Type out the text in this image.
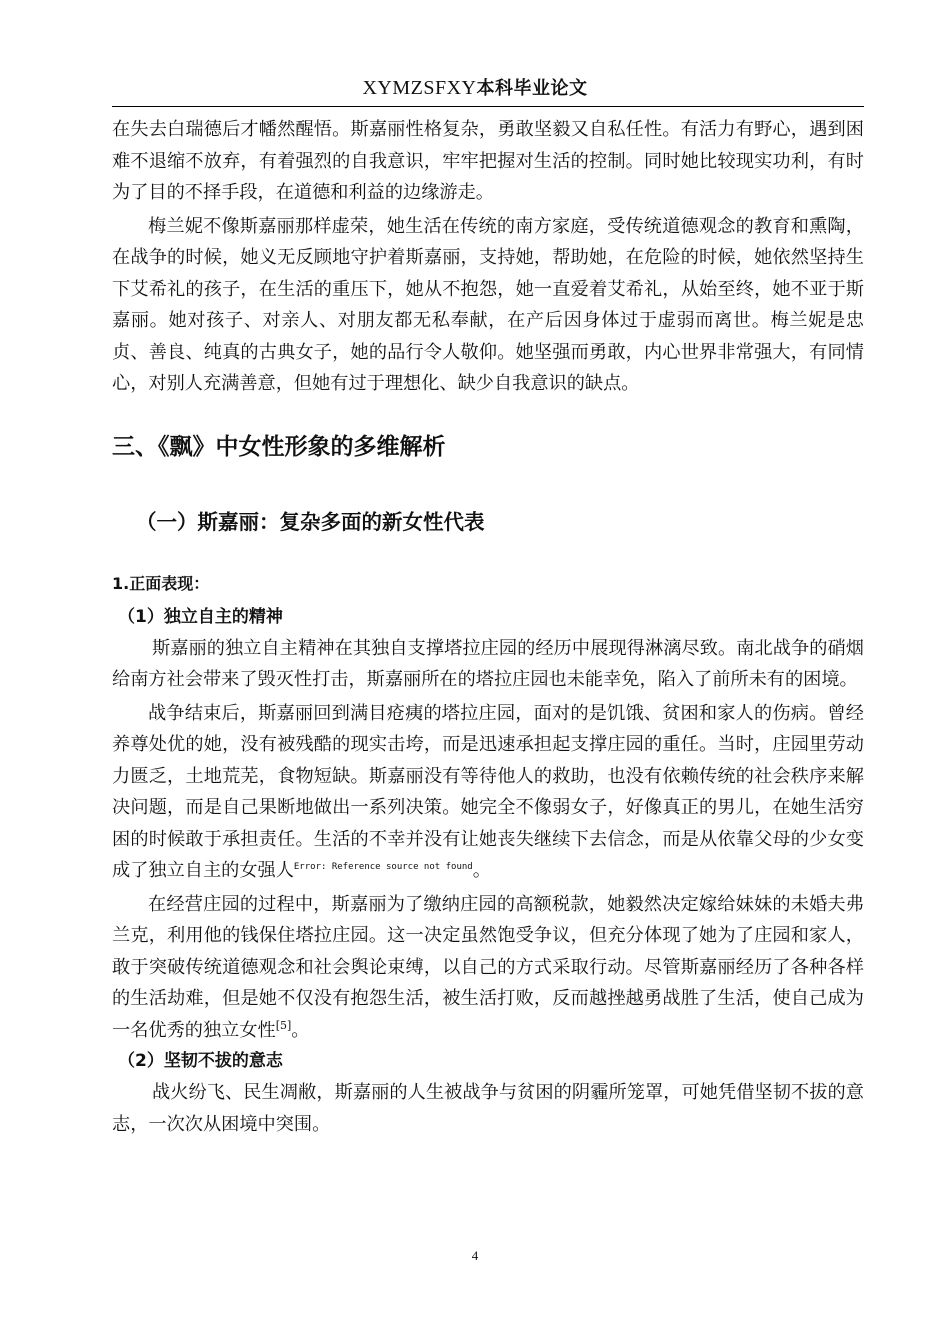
XYMZSFXY本科毕业论文

在失去白瑞德后才幡然醒悟。斯嘉丽性格复杂，勇敢坚毅又自私任性。有活力有野心，遇到困难不退缩不放弃，有着强烈的自我意识，牢牢把握对生活的控制。同时她比较现实功利，有时为了目的不择手段，在道德和利益的边缘游走。

梅兰妮不像斯嘉丽那样虚荣，她生活在传统的南方家庭，受传统道德观念的教育和熏陶，在战争的时候，她义无反顾地守护着斯嘉丽，支持她，帮助她，在危险的时候，她依然坚持生下艾希礼的孩子，在生活的重压下，她从不抱怨，她一直爱着艾希礼，从始至终，她不亚于斯嘉丽。她对孩子、对亲人、对朋友都无私奉献，在产后因身体过于虚弱而离世。梅兰妮是忠贞、善良、纯真的古典女子，她的品行令人敬仰。她坚强而勇敢，内心世界非常强大，有同情心，对别人充满善意，但她有过于理想化、缺少自我意识的缺点。

三、《飘》中女性形象的多维解析
（一）斯嘉丽：复杂多面的新女性代表
1.正面表现：
（1）独立自主的精神

斯嘉丽的独立自主精神在其独自支撑塔拉庄园的经历中展现得淋漓尽致。南北战争的硝烟给南方社会带来了毁灭性打击，斯嘉丽所在的塔拉庄园也未能幸免，陷入了前所未有的困境。

战争结束后，斯嘉丽回到满目疮痍的塔拉庄园，面对的是饥饿、贫困和家人的伤病。曾经养尊处优的她，没有被残酷的现实击垮，而是迅速承担起支撑庄园的重任。当时，庄园里劳动力匮乏，土地荒芜，食物短缺。斯嘉丽没有等待他人的救助，也没有依赖传统的社会秩序来解决问题，而是自己果断地做出一系列决策。她完全不像弱女子，好像真正的男儿，在她生活穷困的时候敢于承担责任。生活的不幸并没有让她丧失继续下去信念，而是从依靠父母的少女变成了独立自主的女强人$^{Error: Reference source not found}$。

在经营庄园的过程中，斯嘉丽为了缴纳庄园的高额税款，她毅然决定嫁给妹妹的未婚夫弗兰克，利用他的钱保住塔拉庄园。这一决定虽然饱受争议，但充分体现了她为了庄园和家人，敢于突破传统道德观念和社会舆论束缚，以自己的方式采取行动。尽管斯嘉丽经历了各种各样的生活劫难，但是她不仅没有抱怨生活，被生活打败，反而越挫越勇战胜了生活，使自己成为一名优秀的独立女性[5]。

（2）坚韧不拔的意志

战火纷飞、民生凋敝，斯嘉丽的人生被战争与贫困的阴霾所笼罩，可她凭借坚韧不拔的意志，一次次从困境中突围。

4
